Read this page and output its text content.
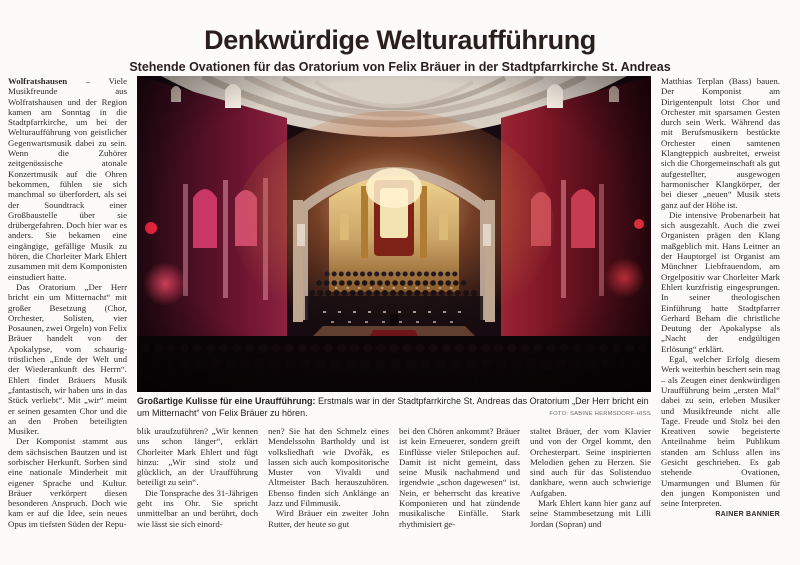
Denkwürdige Welturaufführung
Stehende Ovationen für das Oratorium von Felix Bräuer in der Stadtpfarrkirche St. Andreas

Wolfratshausen – Viele Musikfreunde aus Wolfratshausen und der Region kamen am Sonntag in die Stadtpfarrkirche, um bei der Welturaufführung von geistlicher Gegenwartsmusik dabei zu sein. Wenn die Zuhörer zeitgenössische atonale Konzertmusik auf die Ohren bekommen, fühlen sie sich manchmal so überfordert, als sei der Soundtrack einer Großbaustelle über sie drübergefahren. Doch hier war es anders. Sie bekamen eine eingängige, gefällige Musik zu hören, die Chorleiter Mark Ehlert zusammen mit dem Komponisten einstudiert hatte.

Das Oratorium „Der Herr bricht ein um Mitternacht“ mit großer Besetzung (Chor, Orchester, Solisten, vier Posaunen, zwei Orgeln) von Felix Bräuer handelt von der Apokalypse, vom schaurig-tröstlichen „Ende der Welt und der Wiederankunft des Herrn“. Ehlert findet Bräuers Musik „fantastisch, wir haben uns in das Stück verliebt“. Mit „wir“ meint er seinen gesamten Chor und die an den Proben beteiligten Musiker.

Der Komponist stammt aus dem sächsischen Bautzen und ist sorbischer Herkunft. Sorben sind eine nationale Minderheit mit eigener Sprache und Kultur. Bräuer verkörpert diesen besonderen Anspruch. Doch wie kam er auf die Idee, sein neues Opus im tiefsten Süden der Repu-

Großartige Kulisse für eine Uraufführung: Erstmals war in der Stadtpfarrkirche St. Andreas das Oratorium „Der Herr bricht ein um Mitternacht“ von Felix Bräuer zu hören.	FOTO: SABINE HERMSDORF-HISS

blik uraufzuführen? „Wir kennen uns schon länger“, erklärt Chorleiter Mark Ehlert und fügt hinzu: „Wir sind stolz und glücklich, an der Uraufführung beteiligt zu sein“.

Die Tonsprache des 31-Jährigen geht ins Ohr. Sie spricht unmittelbar an und berührt, doch wie lässt sie sich einord-

nen? Sie hat den Schmelz eines Mendelssohn Bartholdy und ist volksliedhaft wie Dvořák, es lassen sich auch kompositorische Muster von Vivaldi und Altmeister Bach herauszuhören. Ebenso finden sich Anklänge an Jazz und Filmmusik.

Wird Bräuer ein zweiter John Rutter, der heute so gut

bei den Chören ankommt? Bräuer ist kein Erneuerer, sondern greift Einflüsse vieler Stilepochen auf. Damit ist nicht gemeint, dass seine Musik nachahmend und irgendwie „schon dagewesen“ ist. Nein, er beherrscht das kreative Komponieren und hat zündende musikalische Einfälle. Stark rhythmisiert ge-

staltet Bräuer, der vom Klavier und von der Orgel kommt, den Orchesterpart. Seine inspirierten Melodien gehen zu Herzen. Sie sind auch für das Solistenduo dankbare, wenn auch schwierige Aufgaben.

Mark Ehlert kann hier ganz auf seine Stammbesetzung mit Lilli Jordan (Sopran) und

Matthias Terplan (Bass) bauen. Der Komponist am Dirigentenpult lotst Chor und Orchester mit sparsamen Gesten durch sein Werk. Während das mit Berufsmusikern bestückte Orchester einen samtenen Klangteppich ausbreitet, erweist sich die Chorgemeinschaft als gut aufgestellter, ausgewogen harmonischer Klangkörper, der bei dieser „neuen“ Musik stets ganz auf der Höhe ist.

Die intensive Probenarbeit hat sich ausgezahlt. Auch die zwei Organisten prägen den Klang maßgeblich mit. Hans Leitner an der Hauptorgel ist Organist am Münchner Liebfrauendom, am Orgelpositiv war Chorleiter Mark Ehlert kurzfristig eingesprungen. In seiner theologischen Einführung hatte Stadtpfarrer Gerhard Beham die christliche Deutung der Apokalypse als „Nacht der endgültigen Erlösung“ erklärt.

Egal, welcher Erfolg diesem Werk weiterhin beschert sein mag – als Zeugen einer denkwürdigen Uraufführung beim „ersten Mal“ dabei zu sein, erleben Musiker und Musikfreunde nicht alle Tage. Freude und Stolz bei den Kreativen sowie begeisterte Anteilnahme beim Publikum standen am Schluss allen ins Gesicht geschrieben. Es gab stehende Ovationen, Umarmungen und Blumen für den jungen Komponisten und seine Interpreten.
RAINER BANNIER
